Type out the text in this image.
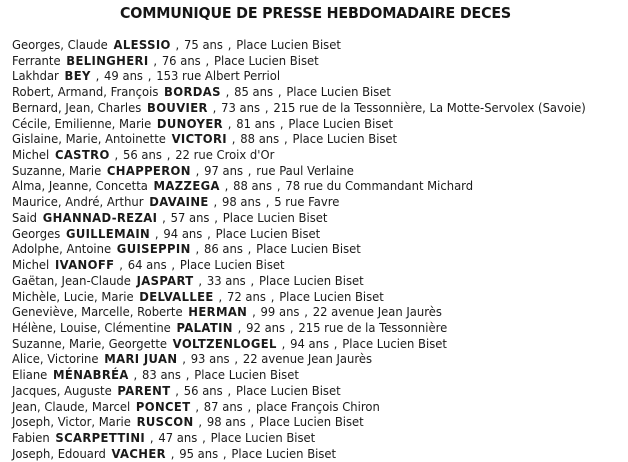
COMMUNIQUE DE PRESSE HEBDOMADAIRE DECES
Georges, Claude ALESSIO , 75 ans , Place Lucien Biset
Ferrante BELINGHERI , 76 ans , Place Lucien Biset
Lakhdar BEY , 49 ans , 153 rue Albert Perriol
Robert, Armand, François BORDAS , 85 ans , Place Lucien Biset
Bernard, Jean, Charles BOUVIER , 73 ans , 215 rue de la Tessonnière, La Motte-Servolex (Savoie)
Cécile, Emilienne, Marie DUNOYER , 81 ans , Place Lucien Biset
Gislaine, Marie, Antoinette VICTORI , 88 ans , Place Lucien Biset
Michel CASTRO , 56 ans , 22 rue Croix d'Or
Suzanne, Marie CHAPPERON , 97 ans , rue Paul Verlaine
Alma, Jeanne, Concetta MAZZEGA , 88 ans , 78 rue du Commandant Michard
Maurice, André, Arthur DAVAINE , 98 ans , 5 rue Favre
Said GHANNAD-REZAI , 57 ans , Place Lucien Biset
Georges GUILLEMAIN , 94 ans , Place Lucien Biset
Adolphe, Antoine GUISEPPIN , 86 ans , Place Lucien Biset
Michel IVANOFF , 64 ans , Place Lucien Biset
Gaëtan, Jean-Claude JASPART , 33 ans , Place Lucien Biset
Michèle, Lucie, Marie DELVALLEE , 72 ans , Place Lucien Biset
Geneviève, Marcelle, Roberte HERMAN , 99 ans , 22 avenue Jean Jaurès
Hélène, Louise, Clémentine PALATIN , 92 ans , 215 rue de la Tessonnière
Suzanne, Marie, Georgette VOLTZENLOGEL , 94 ans , Place Lucien Biset
Alice, Victorine MARI JUAN , 93 ans , 22 avenue Jean Jaurès
Eliane MÉNABRÉA , 83 ans , Place Lucien Biset
Jacques, Auguste PARENT , 56 ans , Place Lucien Biset
Jean, Claude, Marcel PONCET , 87 ans , place François Chiron
Joseph, Victor, Marie RUSCON , 98 ans , Place Lucien Biset
Fabien SCARPETTINI , 47 ans , Place Lucien Biset
Joseph, Edouard VACHER , 95 ans , Place Lucien Biset
